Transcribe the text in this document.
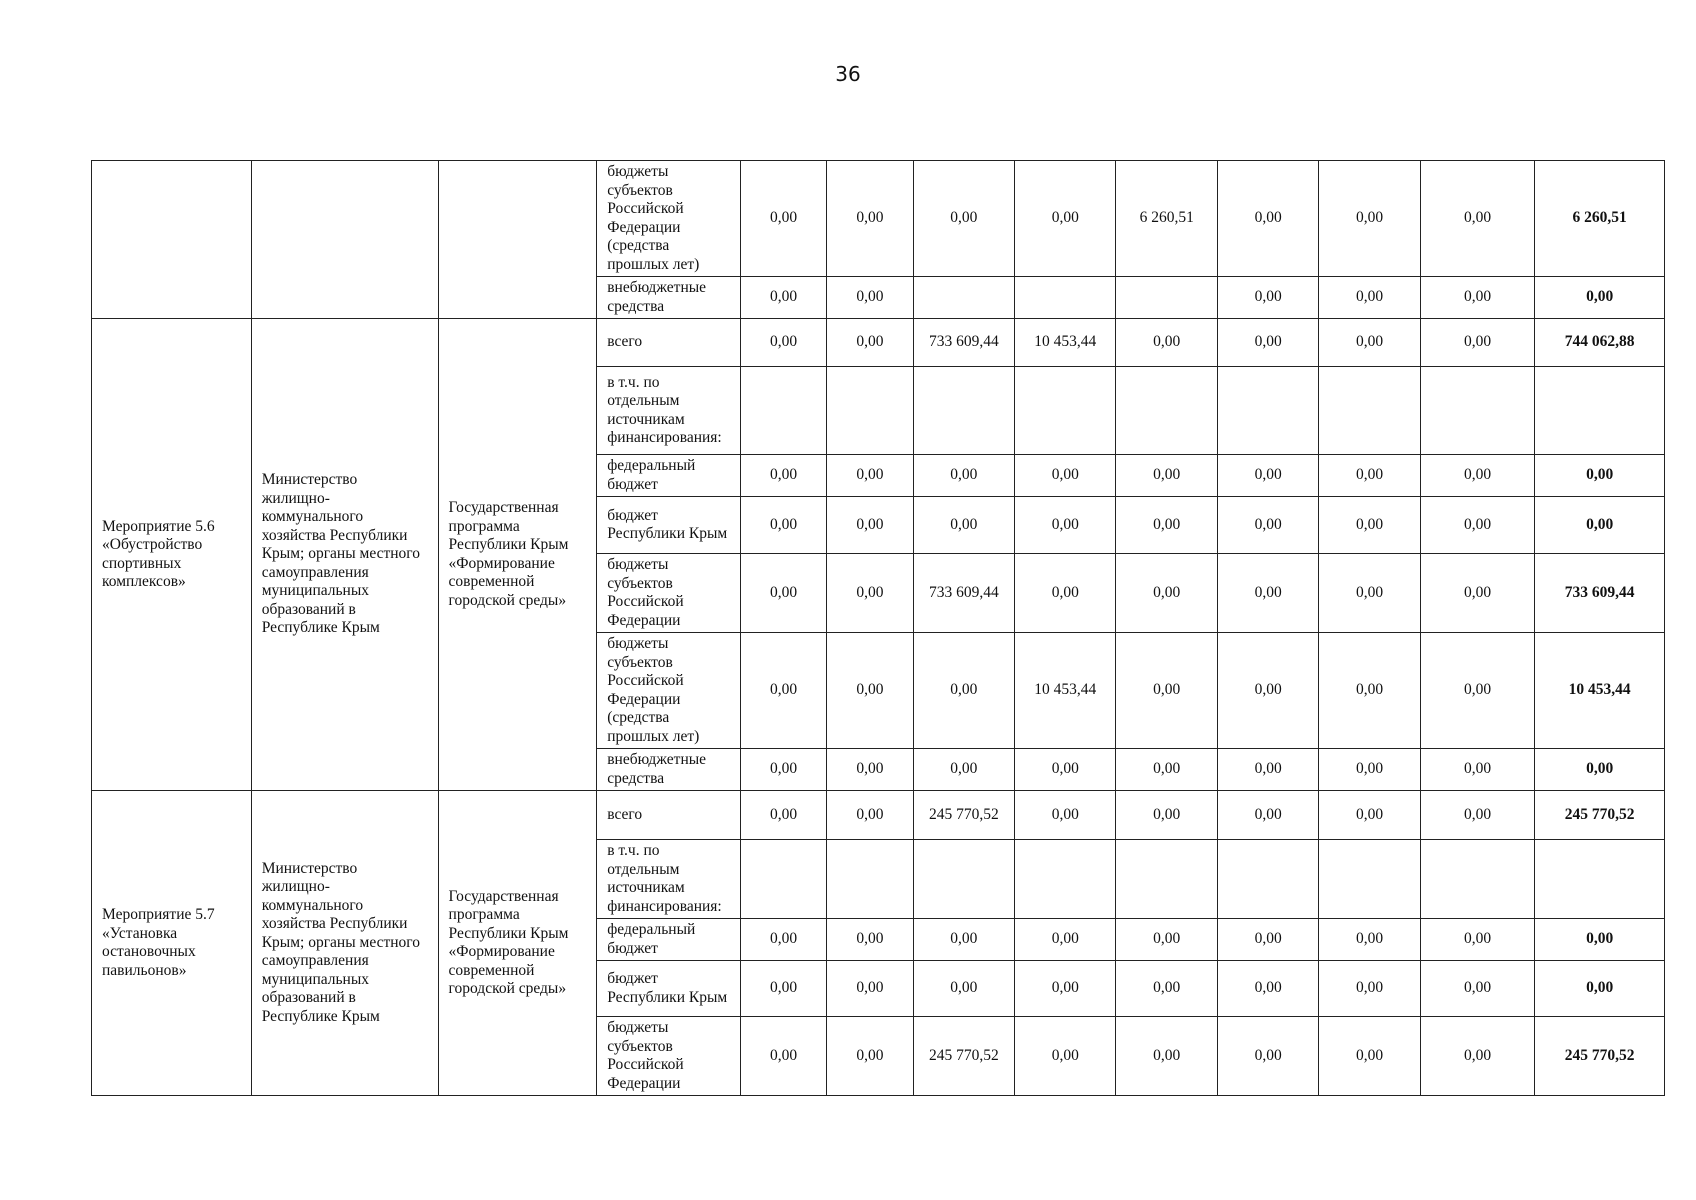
36
			бюджеты субъектов Российской Федерации (средства прошлых лет)	0,00	0,00	0,00	0,00	6 260,51	0,00	0,00	0,00	6 260,51
			внебюджетные средства	0,00	0,00				0,00	0,00	0,00	0,00
Мероприятие 5.6 «Обустройство спортивных комплексов»	Министерство жилищно-коммунального хозяйства Республики Крым; органы местного самоуправления муниципальных образований в Республике Крым	Государственная программа Республики Крым «Формирование современной городской среды»	всего	0,00	0,00	733 609,44	10 453,44	0,00	0,00	0,00	0,00	744 062,88
			в т.ч. по отдельным источникам финансирования:									
			федеральный бюджет	0,00	0,00	0,00	0,00	0,00	0,00	0,00	0,00	0,00
			бюджет Республики Крым	0,00	0,00	0,00	0,00	0,00	0,00	0,00	0,00	0,00
			бюджеты субъектов Российской Федерации	0,00	0,00	733 609,44	0,00	0,00	0,00	0,00	0,00	733 609,44
			бюджеты субъектов Российской Федерации (средства прошлых лет)	0,00	0,00	0,00	10 453,44	0,00	0,00	0,00	0,00	10 453,44
			внебюджетные средства	0,00	0,00	0,00	0,00	0,00	0,00	0,00	0,00	0,00
Мероприятие 5.7 «Установка остановочных павильонов»	Министерство жилищно-коммунального хозяйства Республики Крым; органы местного самоуправления муниципальных образований в Республике Крым	Государственная программа Республики Крым «Формирование современной городской среды»	всего	0,00	0,00	245 770,52	0,00	0,00	0,00	0,00	0,00	245 770,52
			в т.ч. по отдельным источникам финансирования:									
			федеральный бюджет	0,00	0,00	0,00	0,00	0,00	0,00	0,00	0,00	0,00
			бюджет Республики Крым	0,00	0,00	0,00	0,00	0,00	0,00	0,00	0,00	0,00
			бюджеты субъектов Российской Федерации	0,00	0,00	245 770,52	0,00	0,00	0,00	0,00	0,00	245 770,52
